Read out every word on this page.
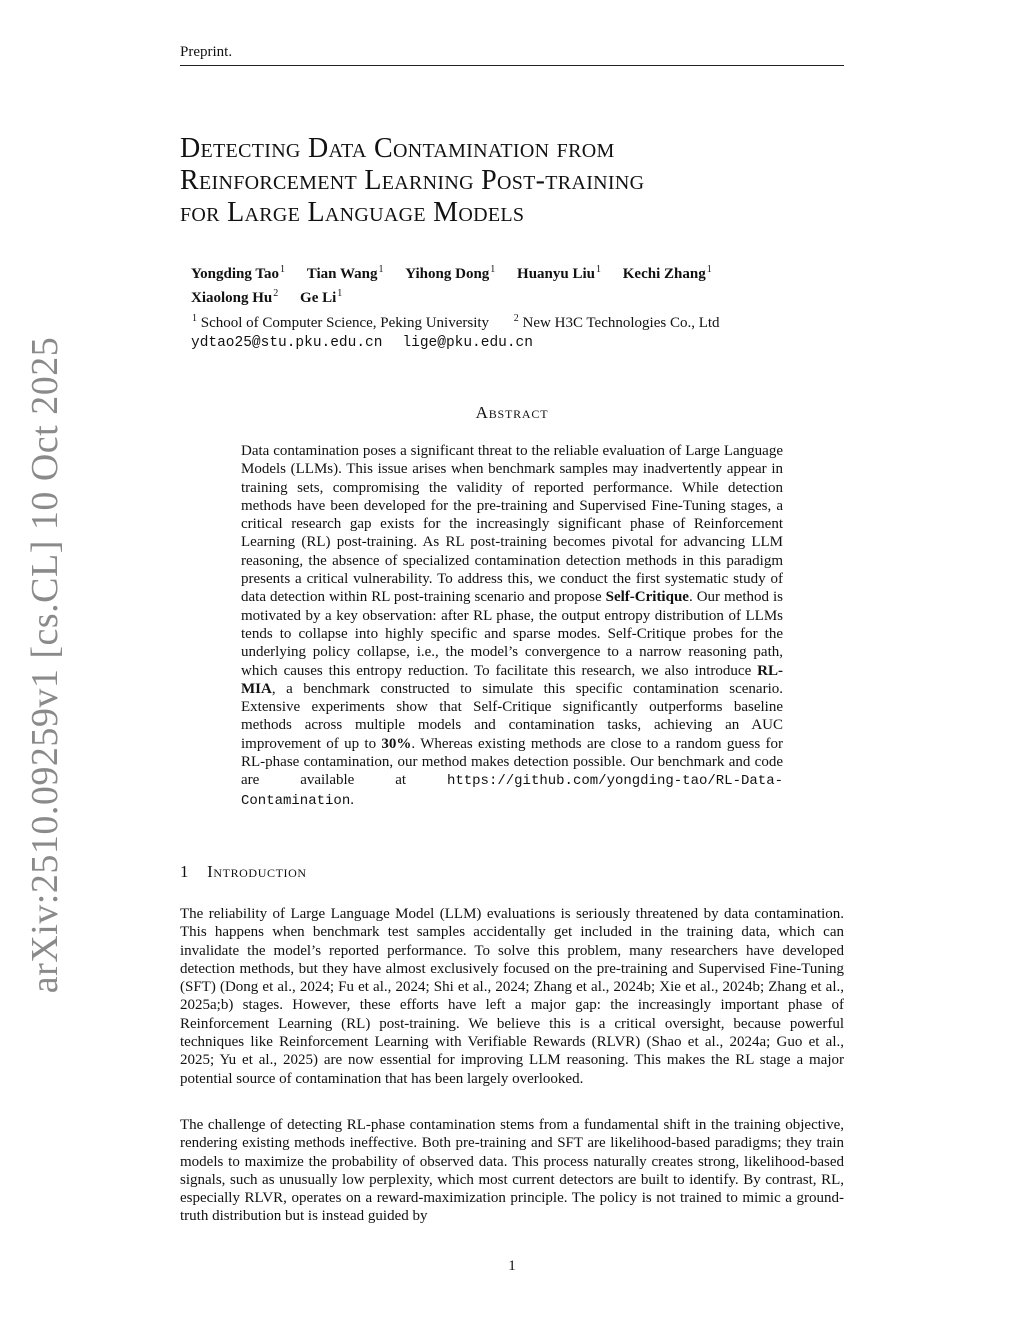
Preprint.
Detecting Data Contamination from
Reinforcement Learning Post-training
for Large Language Models
Yongding Tao$^1$ Tian Wang$^1$ Yihong Dong$^1$ Huanyu Liu$^1$ Kechi Zhang$^1$
Xiaolong Hu$^2$ Ge Li$^1$
$^1$ School of Computer Science, Peking University $^2$ New H3C Technologies Co., Ltd
ydtao25@stu.pku.edu.cn lige@pku.edu.cn
arXiv:2510.09259v1 [cs.CL] 10 Oct 2025	Abstract
Data contamination poses a significant threat to the reliable evaluation of Large Language Models (LLMs). This issue arises when benchmark samples may inadvertently appear in training sets, compromising the validity of reported performance. While detection methods have been developed for the pre-training and Supervised Fine-Tuning stages, a critical research gap exists for the increasingly significant phase of Reinforcement Learning (RL) post-training. As RL post-training becomes pivotal for advancing LLM reasoning, the absence of specialized contamination detection methods in this paradigm presents a critical vulnerability. To address this, we conduct the first systematic study of data detection within RL post-training scenario and propose Self-Critique. Our method is motivated by a key observation: after RL phase, the output entropy distribution of LLMs tends to collapse into highly specific and sparse modes. Self-Critique probes for the underlying policy collapse, i.e., the model’s convergence to a narrow reasoning path, which causes this entropy reduction. To facilitate this research, we also introduce RL-MIA, a benchmark constructed to simulate this specific contamination scenario. Extensive experiments show that Self-Critique significantly outperforms baseline methods across multiple models and contamination tasks, achieving an AUC improvement of up to 30%. Whereas existing methods are close to a random guess for RL-phase contamination, our method makes detection possible. Our benchmark and code are available at https://github.com/yongding-tao/RL-Data-Contamination.
1 Introduction

The reliability of Large Language Model (LLM) evaluations is seriously threatened by data contamination. This happens when benchmark test samples accidentally get included in the training data, which can invalidate the model’s reported performance. To solve this problem, many researchers have developed detection methods, but they have almost exclusively focused on the pre-training and Supervised Fine-Tuning (SFT) (Dong et al., 2024; Fu et al., 2024; Shi et al., 2024; Zhang et al., 2024b; Xie et al., 2024b; Zhang et al., 2025a;b) stages. However, these efforts have left a major gap: the increasingly important phase of Reinforcement Learning (RL) post-training. We believe this is a critical oversight, because powerful techniques like Reinforcement Learning with Verifiable Rewards (RLVR) (Shao et al., 2024a; Guo et al., 2025; Yu et al., 2025) are now essential for improving LLM reasoning. This makes the RL stage a major potential source of contamination that has been largely overlooked.

The challenge of detecting RL-phase contamination stems from a fundamental shift in the training objective, rendering existing methods ineffective. Both pre-training and SFT are likelihood-based paradigms; they train models to maximize the probability of observed data. This process naturally creates strong, likelihood-based signals, such as unusually low perplexity, which most current detectors are built to identify. By contrast, RL, especially RLVR, operates on a reward-maximization principle. The policy is not trained to mimic a ground-truth distribution but is instead guided by

1
